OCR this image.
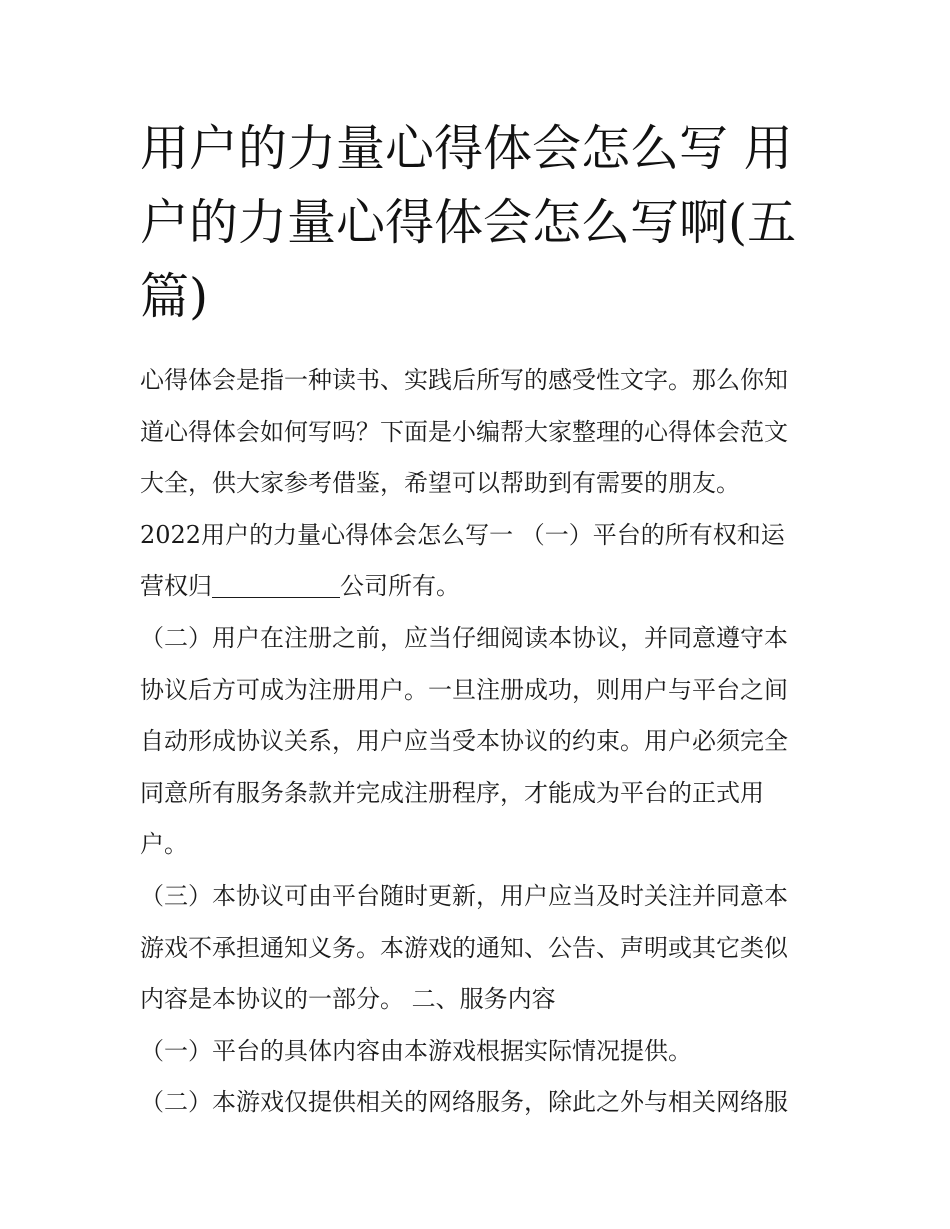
用户的力量心得体会怎么写 用
户的力量心得体会怎么写啊(五
篇)
心得体会是指一种读书、实践后所写的感受性文字。那么你知
道心得体会如何写吗？下面是小编帮大家整理的心得体会范文
大全，供大家参考借鉴，希望可以帮助到有需要的朋友。
2022用户的力量心得体会怎么写一 （一）平台的所有权和运
营权归	公司所有。
（二）用户在注册之前，应当仔细阅读本协议，并同意遵守本
协议后方可成为注册用户。一旦注册成功，则用户与平台之间
自动形成协议关系，用户应当受本协议的约束。用户必须完全
同意所有服务条款并完成注册程序，才能成为平台的正式用
户。
（三）本协议可由平台随时更新，用户应当及时关注并同意本
游戏不承担通知义务。本游戏的通知、公告、声明或其它类似
内容是本协议的一部分。 二、服务内容
（一）平台的具体内容由本游戏根据实际情况提供。
（二）本游戏仅提供相关的网络服务，除此之外与相关网络服
